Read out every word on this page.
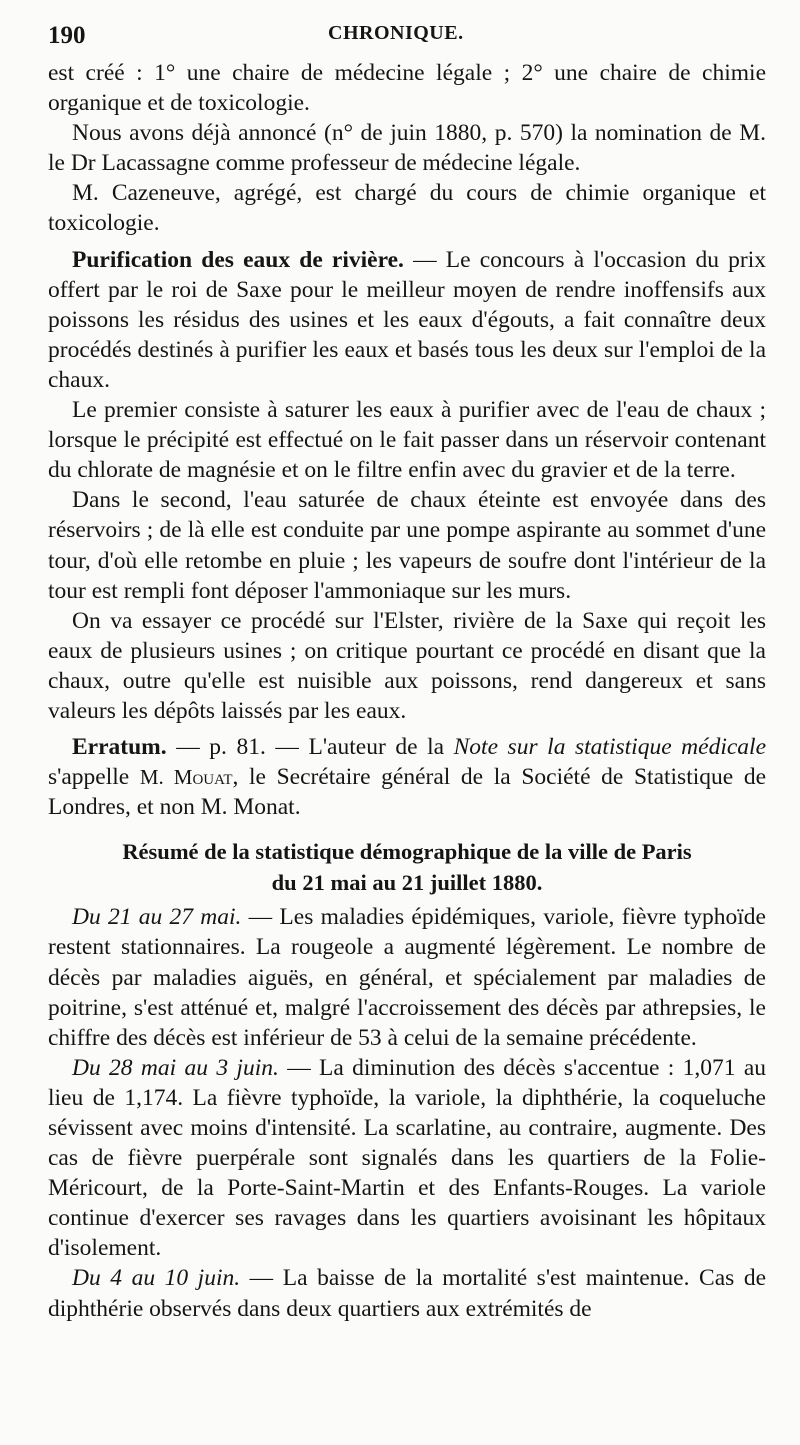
190	CHRONIQUE.

est créé : 1° une chaire de médecine légale ; 2° une chaire de chimie organique et de toxicologie.

Nous avons déjà annoncé (n° de juin 1880, p. 570) la nomination de M. le Dr Lacassagne comme professeur de médecine légale.

M. Cazeneuve, agrégé, est chargé du cours de chimie organique et toxicologie.

Purification des eaux de rivière. — Le concours à l'occasion du prix offert par le roi de Saxe pour le meilleur moyen de rendre inoffensifs aux poissons les résidus des usines et les eaux d'égouts, a fait connaître deux procédés destinés à purifier les eaux et basés tous les deux sur l'emploi de la chaux.

Le premier consiste à saturer les eaux à purifier avec de l'eau de chaux ; lorsque le précipité est effectué on le fait passer dans un réservoir contenant du chlorate de magnésie et on le filtre enfin avec du gravier et de la terre.

Dans le second, l'eau saturée de chaux éteinte est envoyée dans des réservoirs ; de là elle est conduite par une pompe aspirante au sommet d'une tour, d'où elle retombe en pluie ; les vapeurs de soufre dont l'intérieur de la tour est rempli font déposer l'ammoniaque sur les murs.

On va essayer ce procédé sur l'Elster, rivière de la Saxe qui reçoit les eaux de plusieurs usines ; on critique pourtant ce procédé en disant que la chaux, outre qu'elle est nuisible aux poissons, rend dangereux et sans valeurs les dépôts laissés par les eaux.

Erratum. — p. 81. — L'auteur de la Note sur la statistique médicale s'appelle M. Mouat, le Secrétaire général de la Société de Statistique de Londres, et non M. Monat.

Résumé de la statistique démographique de la ville de Paris
du 21 mai au 21 juillet 1880.

Du 21 au 27 mai. — Les maladies épidémiques, variole, fièvre typhoïde restent stationnaires. La rougeole a augmenté légèrement. Le nombre de décès par maladies aiguës, en général, et spécialement par maladies de poitrine, s'est atténué et, malgré l'accroissement des décès par athrepsies, le chiffre des décès est inférieur de 53 à celui de la semaine précédente.

Du 28 mai au 3 juin. — La diminution des décès s'accentue : 1,071 au lieu de 1,174. La fièvre typhoïde, la variole, la diphthérie, la coqueluche sévissent avec moins d'intensité. La scarlatine, au contraire, augmente. Des cas de fièvre puerpérale sont signalés dans les quartiers de la Folie-Méricourt, de la Porte-Saint-Martin et des Enfants-Rouges. La variole continue d'exercer ses ravages dans les quartiers avoisinant les hôpitaux d'isolement.

Du 4 au 10 juin. — La baisse de la mortalité s'est maintenue. Cas de diphthérie observés dans deux quartiers aux extrémités de
